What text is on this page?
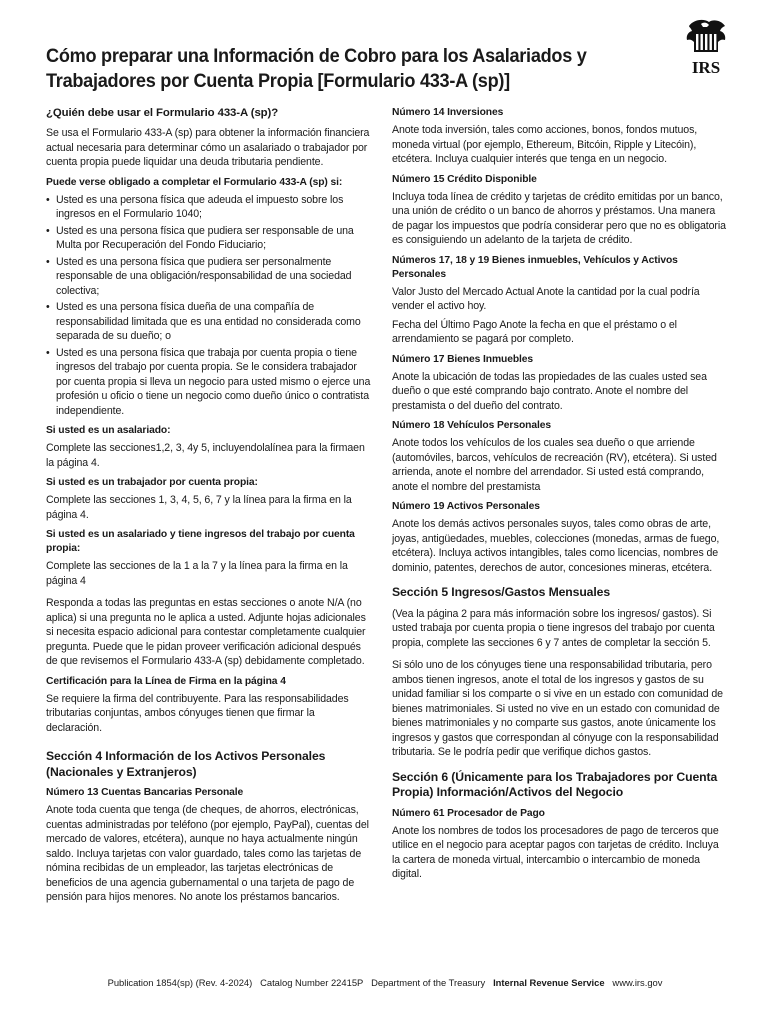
Cómo preparar una Información de Cobro para los Asalariados y
Trabajadores por Cuenta Propia [Formulario 433-A (sp)]
IRS
¿Quién debe usar el Formulario 433-A (sp)?

Se usa el Formulario 433-A (sp) para obtener la información financiera actual necesaria para determinar cómo un asalariado o trabajador por cuenta propia puede liquidar una deuda tributaria pendiente.

Puede verse obligado a completar el Formulario 433-A (sp) si:
• Usted es una persona física que adeuda el impuesto sobre los ingresos en el Formulario 1040;
• Usted es una persona física que pudiera ser responsable de una Multa por Recuperación del Fondo Fiduciario;
• Usted es una persona física que pudiera ser personalmente responsable de una obligación/responsabilidad de una sociedad colectiva;
• Usted es una persona física dueña de una compañía de responsabilidad limitada que es una entidad no considerada como separada de su dueño; o
• Usted es una persona física que trabaja por cuenta propia o tiene ingresos del trabajo por cuenta propia. Se le considera trabajador por cuenta propia si lleva un negocio para usted mismo o ejerce una profesión u oficio o tiene un negocio como dueño único o contratista independiente.
Si usted es un asalariado:

Complete las secciones1,2, 3, 4y 5, incluyendolalínea para la firmaen la página 4.

Si usted es un trabajador por cuenta propia:

Complete las secciones 1, 3, 4, 5, 6, 7 y la línea para la firma en la página 4.

Si usted es un asalariado y tiene ingresos del trabajo por cuenta propia:

Complete las secciones de la 1 a la 7 y la línea para la firma en la página 4

Responda a todas las preguntas en estas secciones o anote N/A (no aplica) si una pregunta no le aplica a usted. Adjunte hojas adicionales si necesita espacio adicional para contestar completamente cualquier pregunta. Puede que le pidan proveer verificación adicional después de que revisemos el Formulario 433-A (sp) debidamente completado.

Certificación para la Línea de Firma en la página 4

Se requiere la firma del contribuyente. Para las responsabilidades tributarias conjuntas, ambos cónyuges tienen que firmar la declaración.

Sección 4 Información de los Activos Personales (Nacionales y Extranjeros)
Número 13 Cuentas Bancarias Personale

Anote toda cuenta que tenga (de cheques, de ahorros, electrónicas, cuentas administradas por teléfono (por ejemplo, PayPal), cuentas del mercado de valores, etcétera), aunque no haya actualmente ningún saldo. Incluya tarjetas con valor guardado, tales como las tarjetas de nómina recibidas de un empleador, las tarjetas electrónicas de beneficios de una agencia gubernamental o una tarjeta de pago de pensión para hijos menores. No anote los préstamos bancarios.

Número 14 Inversiones

Anote toda inversión, tales como acciones, bonos, fondos mutuos, moneda virtual (por ejemplo, Ethereum, Bitcóin, Ripple y Litecóin), etcétera. Incluya cualquier interés que tenga en un negocio.

Número 15 Crédito Disponible

Incluya toda línea de crédito y tarjetas de crédito emitidas por un banco, una unión de crédito o un banco de ahorros y préstamos. Una manera de pagar los impuestos que podría considerar pero que no es obligatoria es consiguiendo un adelanto de la tarjeta de crédito.

Números 17, 18 y 19 Bienes inmuebles, Vehículos y Activos Personales

Valor Justo del Mercado Actual Anote la cantidad por la cual podría vender el activo hoy.

Fecha del Último Pago Anote la fecha en que el préstamo o el arrendamiento se pagará por completo.

Número 17 Bienes Inmuebles

Anote la ubicación de todas las propiedades de las cuales usted sea dueño o que esté comprando bajo contrato. Anote el nombre del prestamista o del dueño del contrato.

Número 18 Vehículos Personales

Anote todos los vehículos de los cuales sea dueño o que arriende (automóviles, barcos, vehículos de recreación (RV), etcétera). Si usted arrienda, anote el nombre del arrendador. Si usted está comprando, anote el nombre del prestamista

Número 19 Activos Personales

Anote los demás activos personales suyos, tales como obras de arte, joyas, antigüedades, muebles, colecciones (monedas, armas de fuego, etcétera). Incluya activos intangibles, tales como licencias, nombres de dominio, patentes, derechos de autor, concesiones mineras, etcétera.

Sección 5 Ingresos/Gastos Mensuales

(Vea la página 2 para más información sobre los ingresos/ gastos). Si usted trabaja por cuenta propia o tiene ingresos del trabajo por cuenta propia, complete las secciones 6 y 7 antes de completar la sección 5.

Si sólo uno de los cónyuges tiene una responsabilidad tributaria, pero ambos tienen ingresos, anote el total de los ingresos y gastos de su unidad familiar si los comparte o si vive en un estado con comunidad de bienes matrimoniales. Si usted no vive en un estado con comunidad de bienes matrimoniales y no comparte sus gastos, anote únicamente los ingresos y gastos que correspondan al cónyuge con la responsabilidad tributaria. Se le podría pedir que verifique dichos gastos.

Sección 6 (Únicamente para los Trabajadores por Cuenta Propia) Información/Activos del Negocio
Número 61 Procesador de Pago

Anote los nombres de todos los procesadores de pago de terceros que utilice en el negocio para aceptar pagos con tarjetas de crédito. Incluya la cartera de moneda virtual, intercambio o intercambio de moneda digital.

Publication 1854(sp) (Rev. 4-2024) Catalog Number 22415P Department of the Treasury Internal Revenue Service www.irs.gov
